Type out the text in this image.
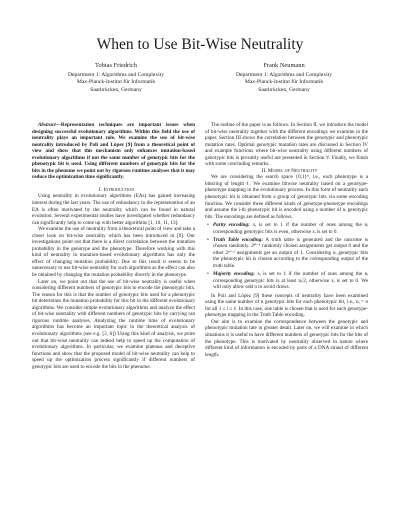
When to Use Bit-Wise Neutrality
Tobias Friedrich
Department 1: Algorithms and Complexity
Max-Planck-Institut für Informatik
Saarbrücken, Germany
Frank Neumann
Department 1: Algorithms and Complexity
Max-Planck-Institut für Informatik
Saarbrücken, Germany

Abstract—Representation techniques are important issues when designing successful evolutionary algorithms. Within this field the use of neutrality plays an important role. We examine the use of bit-wise neutrality introduced by Poli and López [9] from a theoretical point of view and show that this mechanism only enhances mutation-based evolutionary algorithms if not the same number of genotypic bits for the phenotypic bit is used. Using different numbers of genotypic bits for the bits in the phenome we point out by rigorous runtime analyses that it may reduce the optimization time significantly.

I. Introduction

Using neutrality in evolutionary algorithms (EAs) has gained increasing interest during the last years. The use of redundancy in the representation of an EA is often motivated by the neutrality which can be found in natural evolution. Several experimental studies have investigated whether redundancy can significantly help to come up with better algorithms [1, 10, 11, 13].

We examine the use of neutrality from a theoretical point of view and take a closer look on bit-wise neutrality which has been introduced in [9]. Our investigations point out that there is a direct correlation between the mutation probability in the genotype and the phenotype. Therefore working with this kind of neutrality in mutation-based evolutionary algorithms has only the effect of changing mutation probability. Due to this result it seems to be unnecessary to use bit-wise neutrality for such algorithms as the effect can also be obtained by changing the mutation probability directly in the phenotype.

Later on, we point out that the use of bit-wise neutrality is useful when considering different numbers of genotypic bits to encode the phenotypic bits. The reason for this is that the number of genotypic bits used for a phenotypic bit determines the mutation probability for this bit in the different evolutionary algorithms. We consider simple evolutionary algorithms and analyze the effect of bit-wise neutrality with different numbers of genotypic bits by carrying out rigorous runtime analyses. Analyzing the runtime time of evolutionary algorithms has become an important topic in the theoretical analysis of evolutionary algorithms (see e.g. [3, 6]) Using this kind of analysis, we point out that bit-wise neutrality can indeed help to speed up the computation of evolutionary algorithms. In particular, we examine plateaus and deceptive functions and show that the proposed model of bit-wise neutrality can help to speed up the optimization process significantly if different numbers of genotypic bits are used to encode the bits in the phenome.

The outline of the paper is as follows. In Section II, we introduce the model of bit-wise neutrality together with the different encodings we examine in the paper. Section III shows the correlation between the genotypic and phenotypic mutation rates. Optimal genotypic mutation rates are discussed in Section IV and example functions where bit-wise neutrality using different numbers of genotypic bits is provably useful are presented in Section V. Finally, we finish with some concluding remarks.

II. Model of Neutrality

We are considering the search space {0,1}ⁿ, i.e., each phenotype is a bitstring of length ℓ. We examine bitwise neutrality based on a genotype-phenotype mapping in the evolutionary process. In this form of neutrality each phenotypic bit is obtained from a group of genotypic bits via some encoding function. We consider three different kinds of genotype-phenotype encodings and assume the i-th phenotypic bit is encoded using a number of nᵢ genotypic bits. The encodings are defined as follows.

• Parity encoding: xᵢ is set to 1 if the number of ones among the nᵢ corresponding genotypic bits is even, otherwise xᵢ is set to 0.
• Truth Table encoding: A truth table is generated and the outcome is chosen randomly. 2ⁿⁱ⁻¹ randomly chosen assignments get output 0 and the other 2ⁿⁱ⁻¹ assignments get an output of 1. Considering nᵢ genotypic bits the phenotypic bit is chosen according to the corresponding output of the truth table.
• Majority encoding: xᵢ is set to 1 if the number of ones among the nᵢ corresponding genotypic bits is at least nᵢ/2, otherwise xᵢ is set to 0. We will only allow odd n to avoid draws.

In Poli and López [9] these concepts of neutrality have been examined using the same number of n genotypic bits for each phenotypic bit, i.e., nᵢ = n for all 1 ≤ i ≤ ℓ. In this case, one table is chosen that is used for each genotype-phenotype mapping in the Truth Table encoding.

Our aim is to examine the correspondence between the genotypic and phenotypic mutation rate in greater detail. Later on, we will examine in which situations it is useful to have different numbers of genotypic bits for the bits of the phenotype. This is motivated by neutrality observed in nature where different kind of information is encoded by parts of a DNA strand of different length.
